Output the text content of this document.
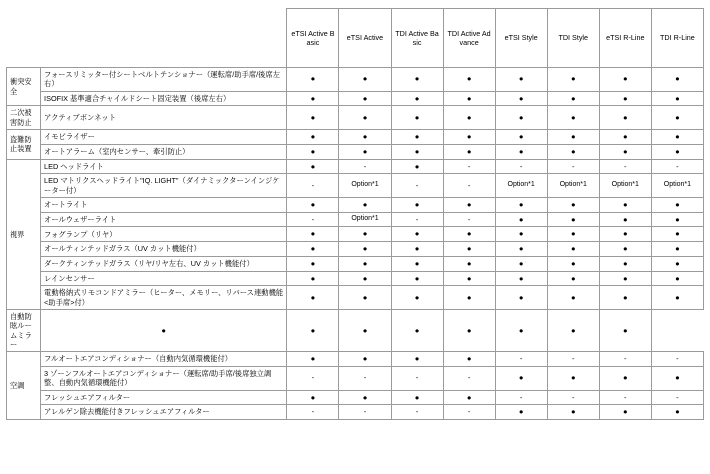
		eTSI Active Basic	eTSI Active	TDI Active Basic	TDI Active Advance	eTSI Style	TDI Style	eTSI R-Line	TDI R-Line

衝突安全	フォースリミッター付シートベルトテンショナー（運転席/助手席/後席左右）	●	●	●	●	●	●	●	●
	ISOFIX 基準適合チャイルドシート固定装置（後席左右）	●	●	●	●	●	●	●	●
二次被害防止	アクティブボンネット	●	●	●	●	●	●	●	●
盗難防止装置	イモビライザー	●	●	●	●	●	●	●	●
	オートアラーム（室内センサー、牽引防止）	●	●	●	●	●	●	●	●
視界	LED ヘッドライト	●	-	●	-	-	-	-	-
	LED マトリクスヘッドライト"IQ. LIGHT"（ダイナミックターンインジケーター付）	-	Option*1	-	-	Option*1	Option*1	Option*1	Option*1
	オートライト	●	●	●	●	●	●	●	●
	オールウェザーライト	-	Option*1	-	-	●	●	●	●
	フォグランプ（リヤ）	●	●	●	●	●	●	●	●
	オールティンテッドガラス（UV カット機能付）	●	●	●	●	●	●	●	●
	ダークティンテッドガラス（リヤ/リヤ左右、UV カット機能付）	●	●	●	●	●	●	●	●
	レインセンサー	●	●	●	●	●	●	●	●
	電動格納式リモコンドアミラー（ヒーター、メモリー、リバース連動機能<助手席>付）	●	●	●	●	●	●	●	●
自動防眩ルームミラー	●	●	●	●	●	●	●	●	
空調	フルオートエアコンディショナー（自動内気循環機能付）	●	●	●	●	-	-	-	-
	3 ゾーンフルオートエアコンディショナー（運転席/助手席/後席独立調整、自動内気循環機能付）	-	-	-	-	●	●	●	●
	フレッシュエアフィルター	●	●	●	●	-	-	-	-
	アレルゲン除去機能付きフレッシュエアフィルター	-	-	-	-	●	●	●	●
